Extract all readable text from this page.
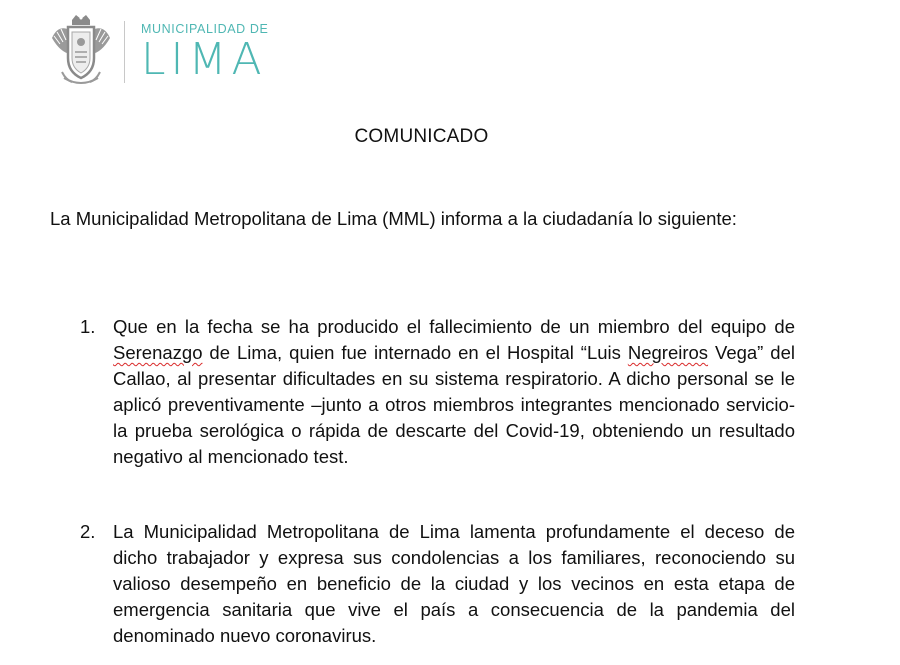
MUNICIPALIDAD DE
LIMA
COMUNICADO
La Municipalidad Metropolitana de Lima (MML) informa a la ciudadanía lo siguiente:
1. Que en la fecha se ha producido el fallecimiento de un miembro del equipo de Serenazgo de Lima, quien fue internado en el Hospital “Luis Negreiros Vega” del Callao, al presentar dificultades en su sistema respiratorio. A dicho personal se le aplicó preventivamente –junto a otros miembros integrantes mencionado servicio- la prueba serológica o rápida de descarte del Covid-19, obteniendo un resultado negativo al mencionado test.
2. La Municipalidad Metropolitana de Lima lamenta profundamente el deceso de dicho trabajador y expresa sus condolencias a los familiares, reconociendo su valioso desempeño en beneficio de la ciudad y los vecinos en esta etapa de emergencia sanitaria que vive el país a consecuencia de la pandemia del denominado nuevo coronavirus.
